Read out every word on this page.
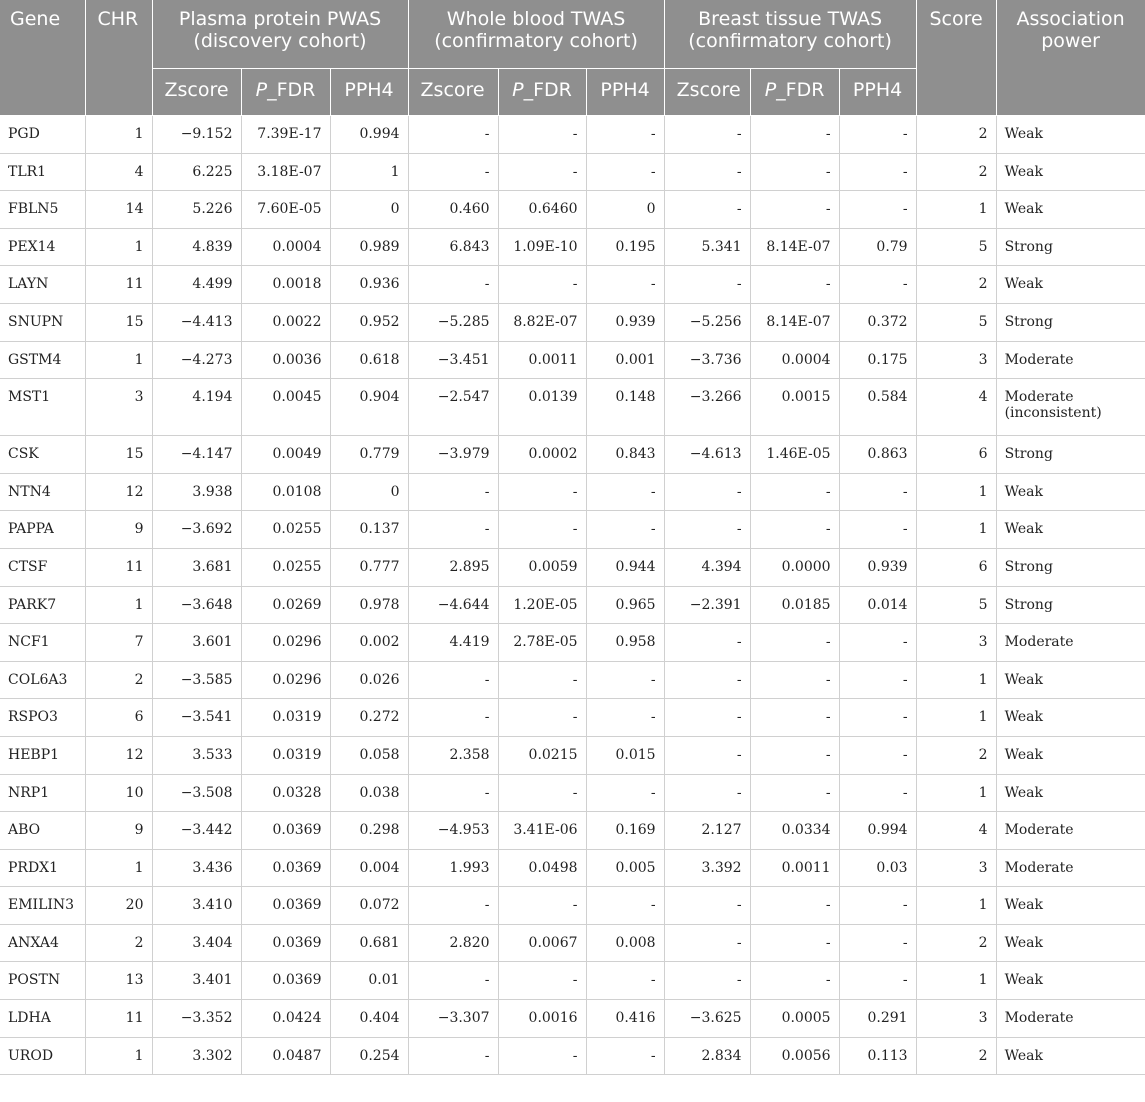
Gene	CHR	Plasma protein PWAS (discovery cohort)			Whole blood TWAS (confirmatory cohort)			Breast tissue TWAS (confirmatory cohort)			Score	Association power
		Zscore	P_FDR	PPH4	Zscore	P_FDR	PPH4	Zscore	P_FDR	PPH4		
PGD	1	−9.152	7.39E-17	0.994	-	-	-	-	-	-	2	Weak
TLR1	4	6.225	3.18E-07	1	-	-	-	-	-	-	2	Weak
FBLN5	14	5.226	7.60E-05	0	0.460	0.6460	0	-	-	-	1	Weak
PEX14	1	4.839	0.0004	0.989	6.843	1.09E-10	0.195	5.341	8.14E-07	0.79	5	Strong
LAYN	11	4.499	0.0018	0.936	-	-	-	-	-	-	2	Weak
SNUPN	15	−4.413	0.0022	0.952	−5.285	8.82E-07	0.939	−5.256	8.14E-07	0.372	5	Strong
GSTM4	1	−4.273	0.0036	0.618	−3.451	0.0011	0.001	−3.736	0.0004	0.175	3	Moderate
MST1	3	4.194	0.0045	0.904	−2.547	0.0139	0.148	−3.266	0.0015	0.584	4	Moderate (inconsistent)
CSK	15	−4.147	0.0049	0.779	−3.979	0.0002	0.843	−4.613	1.46E-05	0.863	6	Strong
NTN4	12	3.938	0.0108	0	-	-	-	-	-	-	1	Weak
PAPPA	9	−3.692	0.0255	0.137	-	-	-	-	-	-	1	Weak
CTSF	11	3.681	0.0255	0.777	2.895	0.0059	0.944	4.394	0.0000	0.939	6	Strong
PARK7	1	−3.648	0.0269	0.978	−4.644	1.20E-05	0.965	−2.391	0.0185	0.014	5	Strong
NCF1	7	3.601	0.0296	0.002	4.419	2.78E-05	0.958	-	-	-	3	Moderate
COL6A3	2	−3.585	0.0296	0.026	-	-	-	-	-	-	1	Weak
RSPO3	6	−3.541	0.0319	0.272	-	-	-	-	-	-	1	Weak
HEBP1	12	3.533	0.0319	0.058	2.358	0.0215	0.015	-	-	-	2	Weak
NRP1	10	−3.508	0.0328	0.038	-	-	-	-	-	-	1	Weak
ABO	9	−3.442	0.0369	0.298	−4.953	3.41E-06	0.169	2.127	0.0334	0.994	4	Moderate
PRDX1	1	3.436	0.0369	0.004	1.993	0.0498	0.005	3.392	0.0011	0.03	3	Moderate
EMILIN3	20	3.410	0.0369	0.072	-	-	-	-	-	-	1	Weak
ANXA4	2	3.404	0.0369	0.681	2.820	0.0067	0.008	-	-	-	2	Weak
POSTN	13	3.401	0.0369	0.01	-	-	-	-	-	-	1	Weak
LDHA	11	−3.352	0.0424	0.404	−3.307	0.0016	0.416	−3.625	0.0005	0.291	3	Moderate
UROD	1	3.302	0.0487	0.254	-	-	-	2.834	0.0056	0.113	2	Weak
